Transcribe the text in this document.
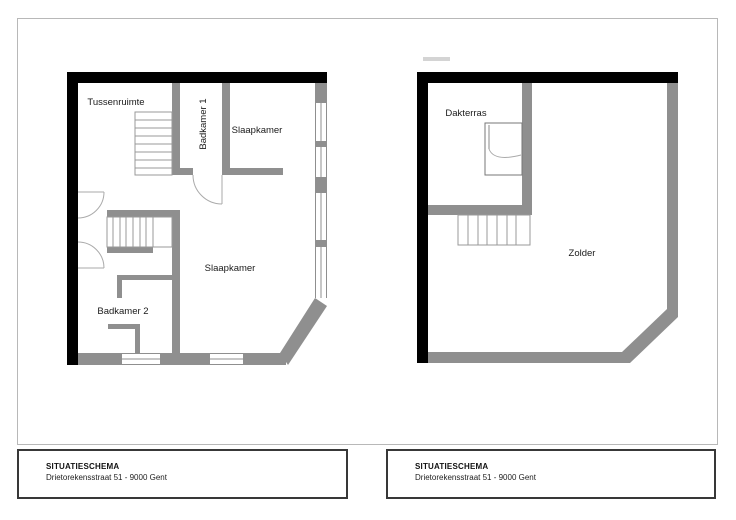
Tussenruimte	Badkamer 1 Slaapkamer
Slaapkamer
Badkamer 2
Dakterras
Zolder
SITUATIESCHEMA
Drietorekensstraat 51 - 9000 Gent
SITUATIESCHEMA
Drietorekensstraat 51 - 9000 Gent
